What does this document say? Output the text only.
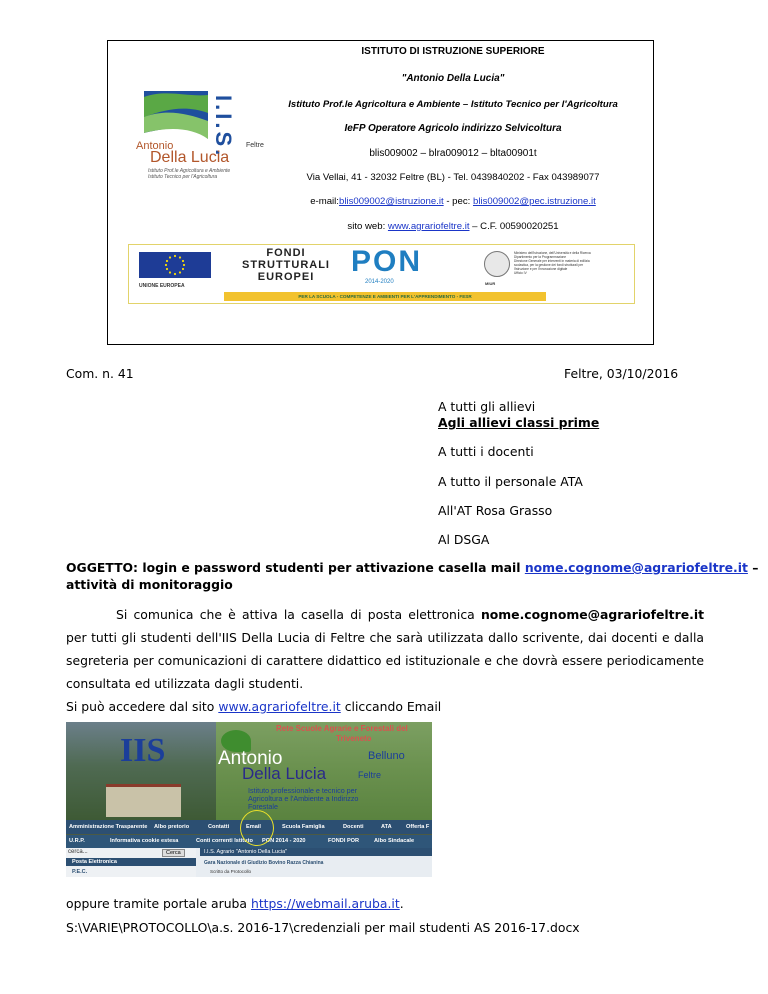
ISTITUTO DI ISTRUZIONE SUPERIORE
"Antonio Della Lucia"
Istituto Prof.le Agricoltura e Ambiente – Istituto Tecnico per l'Agricoltura
IeFP Operatore Agricolo indirizzo Selvicoltura
blis009002 – blra009012 – blta00901t
Via Vellai, 41 - 32032 Feltre (BL) - Tel. 0439840202 - Fax 043989077
e-mail:blis009002@istruzione.it - pec: blis009002@pec.istruzione.it
sito web: www.agrariofeltre.it – C.F. 00590020251
I.I.S.
Antonio	Feltre
Della Lucia
Istituto Prof.le Agricoltura e Ambiente
Istituto Tecnico per l'Agricoltura
UNIONE EUROPEA
FONDI
STRUTTURALI
EUROPEI	PON
2014-2020	MIUR
Ministero dell'Istruzione, dell'Università e della Ricerca
Dipartimento per la Programmazione
Direzione Generale per interventi in materia di edilizia
scolastica, per la gestione dei fondi strutturali per
l'istruzione e per l'innovazione digitale
Ufficio IV
PER LA SCUOLA - COMPETENZE E AMBIENTI PER L'APPRENDIMENTO - FESR
Com. n. 41	Feltre, 03/10/2016
A tutti gli allievi
Agli allievi classi prime
A tutti i docenti
A tutto il personale ATA
All'AT Rosa Grasso
Al DSGA
OGGETTO: login e password studenti per attivazione casella mail nome.cognome@agrariofeltre.it –
attività di monitoraggio
Si comunica che è attiva la casella di posta elettronica nome.cognome@agrariofeltre.it per tutti gli studenti dell'IIS Della Lucia di Feltre che sarà utilizzata dallo scrivente, dai docenti e dalla segreteria per comunicazioni di carattere didattico ed istituzionale e che dovrà essere periodicamente consultata ed utilizzata dagli studenti.
Si può accedere dal sito www.agrariofeltre.it cliccando Email
Rete Scuole Agrarie e Forestali del
Triveneto
IIS	Antonio	Belluno
Della Lucia	Feltre
Istituto professionale e tecnico per
Agricoltura e l'Ambiente a Indirizzo
Forestale
Amministrazione Trasparente Albo pretorio	Contatti	Email	Scuola Famiglia	Docenti	ATA	Offerta F
U.R.P.	Informativa cookie estesa	Conti correnti Istituto PON 2014 - 2020	FONDI POR	Albo Sindacale
cerca...	Cerca
Posta Elettronica
P.E.C.
I.I.S. Agrario "Antonio Della Lucia"
Gara Nazionale di Giudizio Bovino Razza Chianina
Scritto da Protocollo
oppure tramite portale aruba https://webmail.aruba.it.
S:\VARIE\PROTOCOLLO\a.s. 2016-17\credenziali per mail studenti AS 2016-17.docx
